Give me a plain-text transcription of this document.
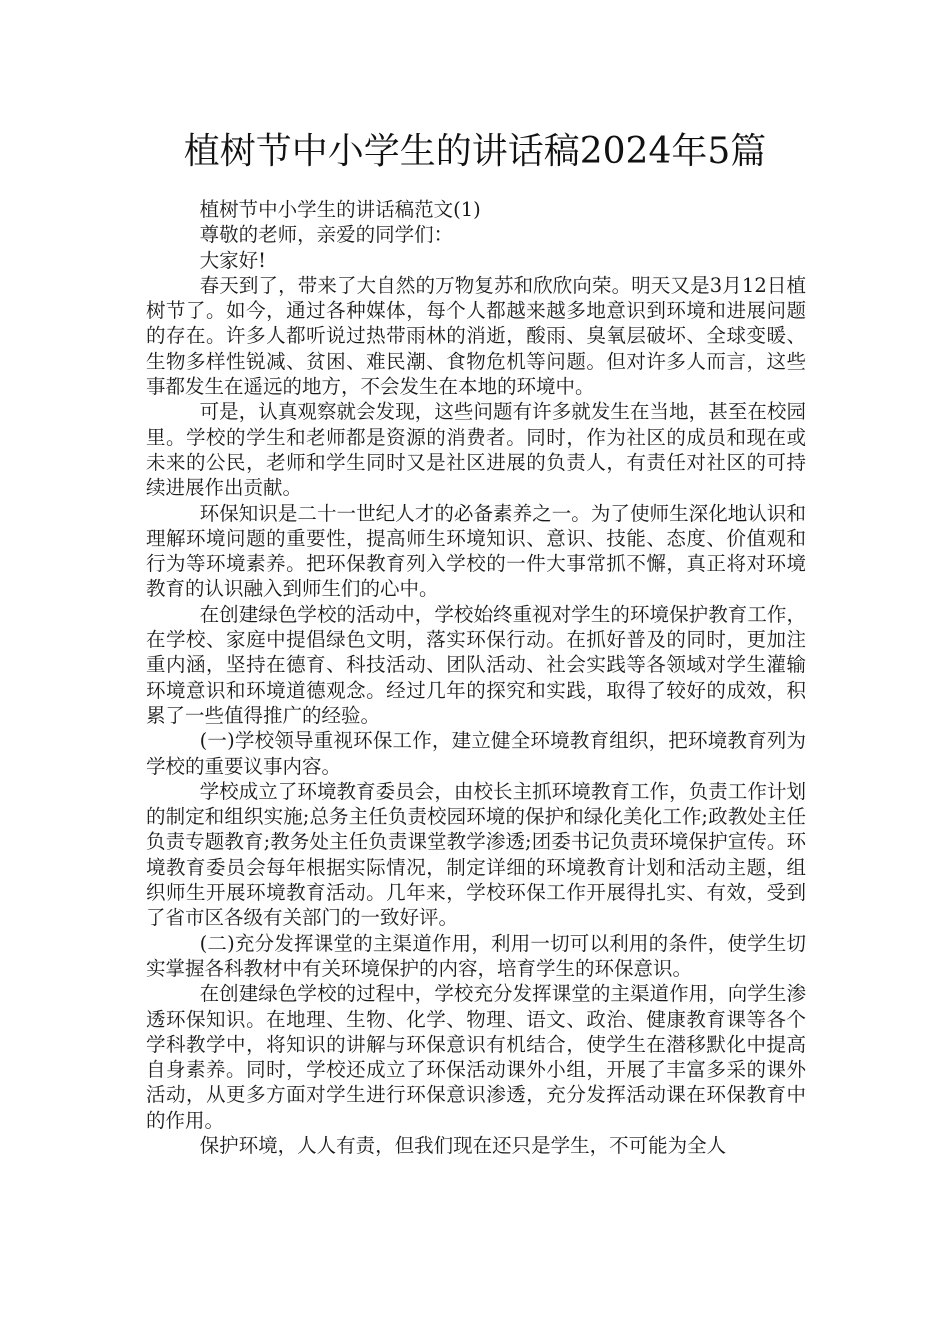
植树节中小学生的讲话稿2024年5篇

植树节中小学生的讲话稿范文(1)

尊敬的老师，亲爱的同学们：

大家好!

春天到了，带来了大自然的万物复苏和欣欣向荣。明天又是3月12日植树节了。如今，通过各种媒体，每个人都越来越多地意识到环境和进展问题的存在。许多人都听说过热带雨林的消逝，酸雨、臭氧层破坏、全球变暖、生物多样性锐减、贫困、难民潮、食物危机等问题。但对许多人而言，这些事都发生在遥远的地方，不会发生在本地的环境中。

可是，认真观察就会发现，这些问题有许多就发生在当地，甚至在校园里。学校的学生和老师都是资源的消费者。同时，作为社区的成员和现在或未来的公民，老师和学生同时又是社区进展的负责人，有责任对社区的可持续进展作出贡献。

环保知识是二十一世纪人才的必备素养之一。为了使师生深化地认识和理解环境问题的重要性，提高师生环境知识、意识、技能、态度、价值观和行为等环境素养。把环保教育列入学校的一件大事常抓不懈，真正将对环境教育的认识融入到师生们的心中。

在创建绿色学校的活动中，学校始终重视对学生的环境保护教育工作，在学校、家庭中提倡绿色文明，落实环保行动。在抓好普及的同时，更加注重内涵，坚持在德育、科技活动、团队活动、社会实践等各领域对学生灌输环境意识和环境道德观念。经过几年的探究和实践，取得了较好的成效，积累了一些值得推广的经验。

(一)学校领导重视环保工作，建立健全环境教育组织，把环境教育列为学校的重要议事内容。

学校成立了环境教育委员会，由校长主抓环境教育工作，负责工作计划的制定和组织实施;总务主任负责校园环境的保护和绿化美化工作;政教处主任负责专题教育;教务处主任负责课堂教学渗透;团委书记负责环境保护宣传。环境教育委员会每年根据实际情况，制定详细的环境教育计划和活动主题，组织师生开展环境教育活动。几年来，学校环保工作开展得扎实、有效，受到了省市区各级有关部门的一致好评。

(二)充分发挥课堂的主渠道作用，利用一切可以利用的条件，使学生切实掌握各科教材中有关环境保护的内容，培育学生的环保意识。

在创建绿色学校的过程中，学校充分发挥课堂的主渠道作用，向学生渗透环保知识。在地理、生物、化学、物理、语文、政治、健康教育课等各个学科教学中，将知识的讲解与环保意识有机结合，使学生在潜移默化中提高自身素养。同时，学校还成立了环保活动课外小组，开展了丰富多采的课外活动，从更多方面对学生进行环保意识渗透，充分发挥活动课在环保教育中的作用。

保护环境，人人有责，但我们现在还只是学生，不可能为全人
